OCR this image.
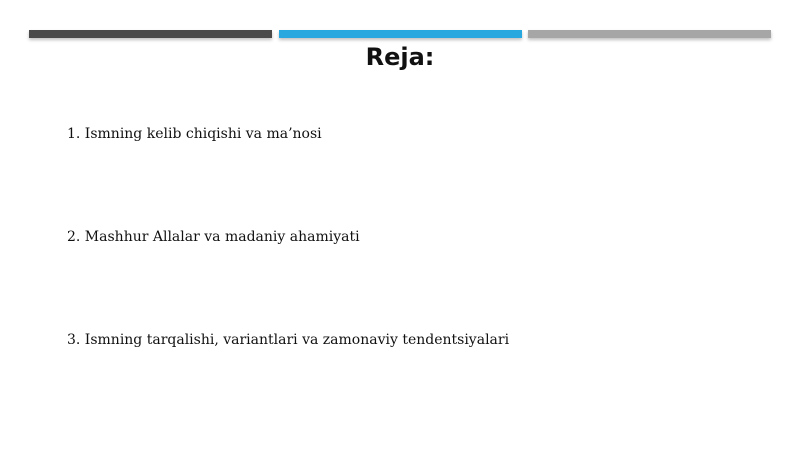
Reja:

1. Ismning kelib chiqishi va ma’nosi

2. Mashhur Allalar va madaniy ahamiyati

3. Ismning tarqalishi, variantlari va zamonaviy tendentsiyalari
